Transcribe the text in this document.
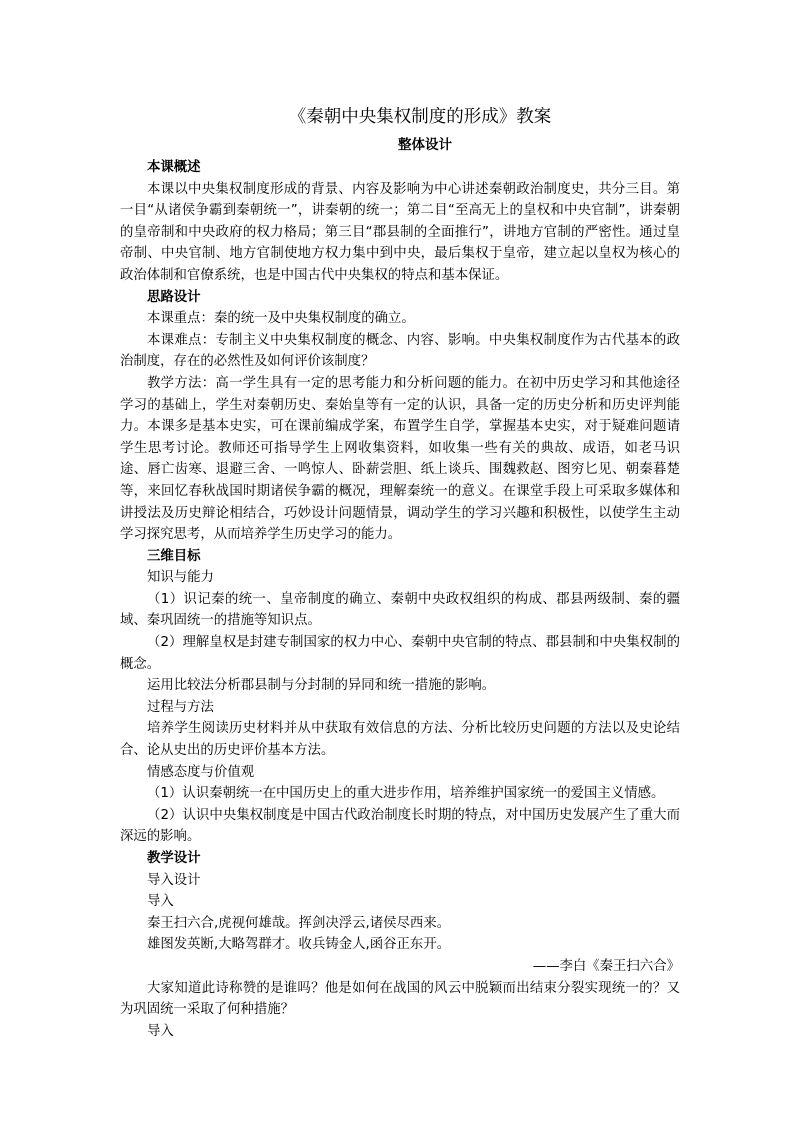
《秦朝中央集权制度的形成》教案
整体设计
本课概述

本课以中央集权制度形成的背景、内容及影响为中心讲述秦朝政治制度史，共分三目。第一目“从诸侯争霸到秦朝统一”，讲秦朝的统一；第二目“至高无上的皇权和中央官制”，讲秦朝的皇帝制和中央政府的权力格局；第三目“郡县制的全面推行”，讲地方官制的严密性。通过皇帝制、中央官制、地方官制使地方权力集中到中央，最后集权于皇帝，建立起以皇权为核心的政治体制和官僚系统，也是中国古代中央集权的特点和基本保证。

思路设计

本课重点：秦的统一及中央集权制度的确立。

本课难点：专制主义中央集权制度的概念、内容、影响。中央集权制度作为古代基本的政治制度，存在的必然性及如何评价该制度？

教学方法：高一学生具有一定的思考能力和分析问题的能力。在初中历史学习和其他途径学习的基础上，学生对秦朝历史、秦始皇等有一定的认识，具备一定的历史分析和历史评判能力。本课多是基本史实，可在课前编成学案，布置学生自学，掌握基本史实，对于疑难问题请学生思考讨论。教师还可指导学生上网收集资料，如收集一些有关的典故、成语，如老马识途、唇亡齿寒、退避三舍、一鸣惊人、卧薪尝胆、纸上谈兵、围魏救赵、图穷匕见、朝秦暮楚等，来回忆春秋战国时期诸侯争霸的概况，理解秦统一的意义。在课堂手段上可采取多媒体和讲授法及历史辩论相结合，巧妙设计问题情景，调动学生的学习兴趣和积极性，以使学生主动学习探究思考，从而培养学生历史学习的能力。

三维目标

知识与能力

（1）识记秦的统一、皇帝制度的确立、秦朝中央政权组织的构成、郡县两级制、秦的疆域、秦巩固统一的措施等知识点。

（2）理解皇权是封建专制国家的权力中心、秦朝中央官制的特点、郡县制和中央集权制的概念。

运用比较法分析郡县制与分封制的异同和统一措施的影响。

过程与方法

培养学生阅读历史材料并从中获取有效信息的方法、分析比较历史问题的方法以及史论结合、论从史出的历史评价基本方法。

情感态度与价值观

（1）认识秦朝统一在中国历史上的重大进步作用，培养维护国家统一的爱国主义情感。

（2）认识中央集权制度是中国古代政治制度长时期的特点，对中国历史发展产生了重大而深远的影响。

教学设计

导入设计

导入

秦王扫六合,虎视何雄哉。挥剑决浮云,诸侯尽西来。

雄图发英断,大略驾群才。收兵铸金人,函谷正东开。

——李白《秦王扫六合》

大家知道此诗称赞的是谁吗？他是如何在战国的风云中脱颖而出结束分裂实现统一的？又为巩固统一采取了何种措施？

导入
